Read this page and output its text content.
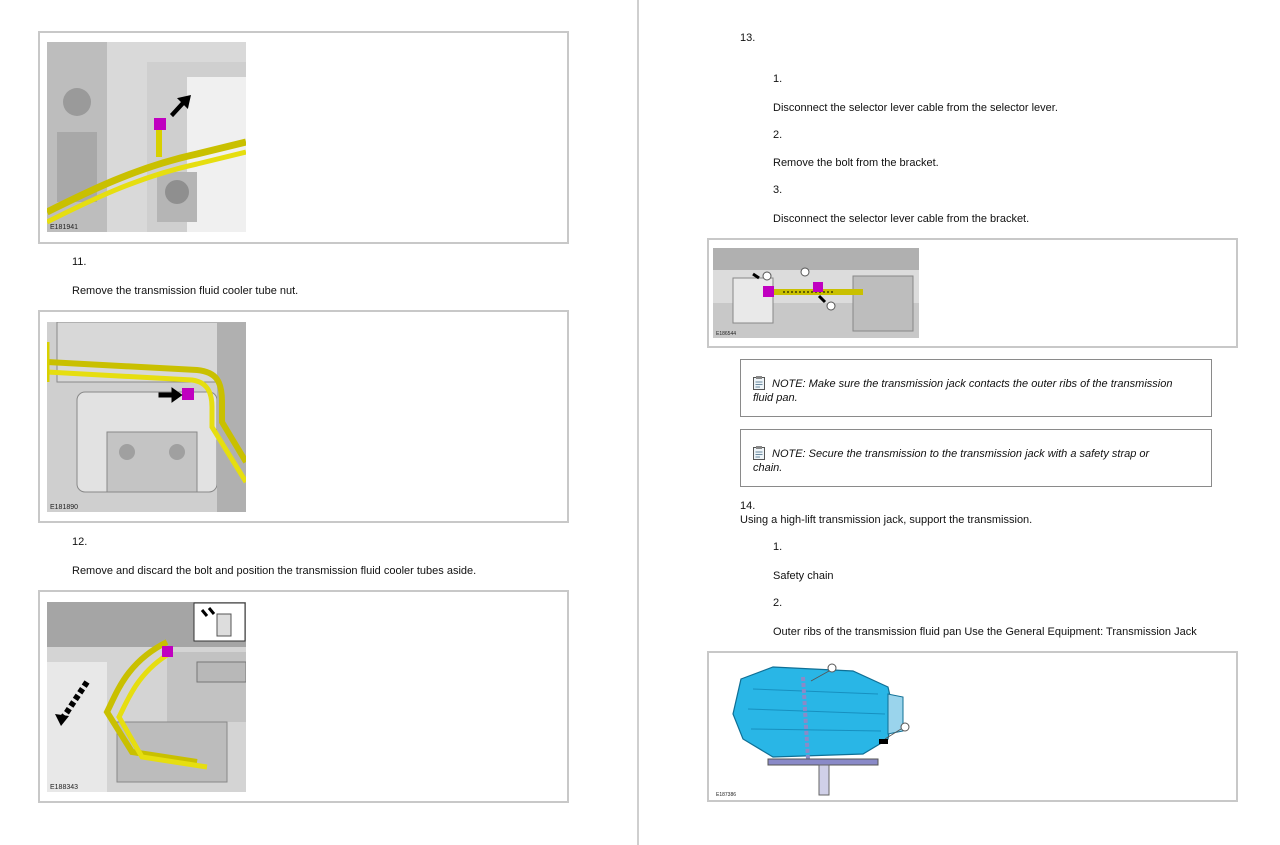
E181941
11.
Remove the transmission fluid cooler tube nut.
E181890
12.
Remove and discard the bolt and position the transmission fluid cooler tubes aside.
E188343
13.
1.
Disconnect the selector lever cable from the selector lever.
2.
Remove the bolt from the bracket.
3.
Disconnect the selector lever cable from the bracket.
E186544
NOTE: Make sure the transmission jack contacts the outer ribs of the transmission
fluid pan.
NOTE: Secure the transmission to the transmission jack with a safety strap or
chain.
14.
Using a high-lift transmission jack, support the transmission.
1.
Safety chain
2.
Outer ribs of the transmission fluid pan Use the General Equipment: Transmission Jack
E187386
